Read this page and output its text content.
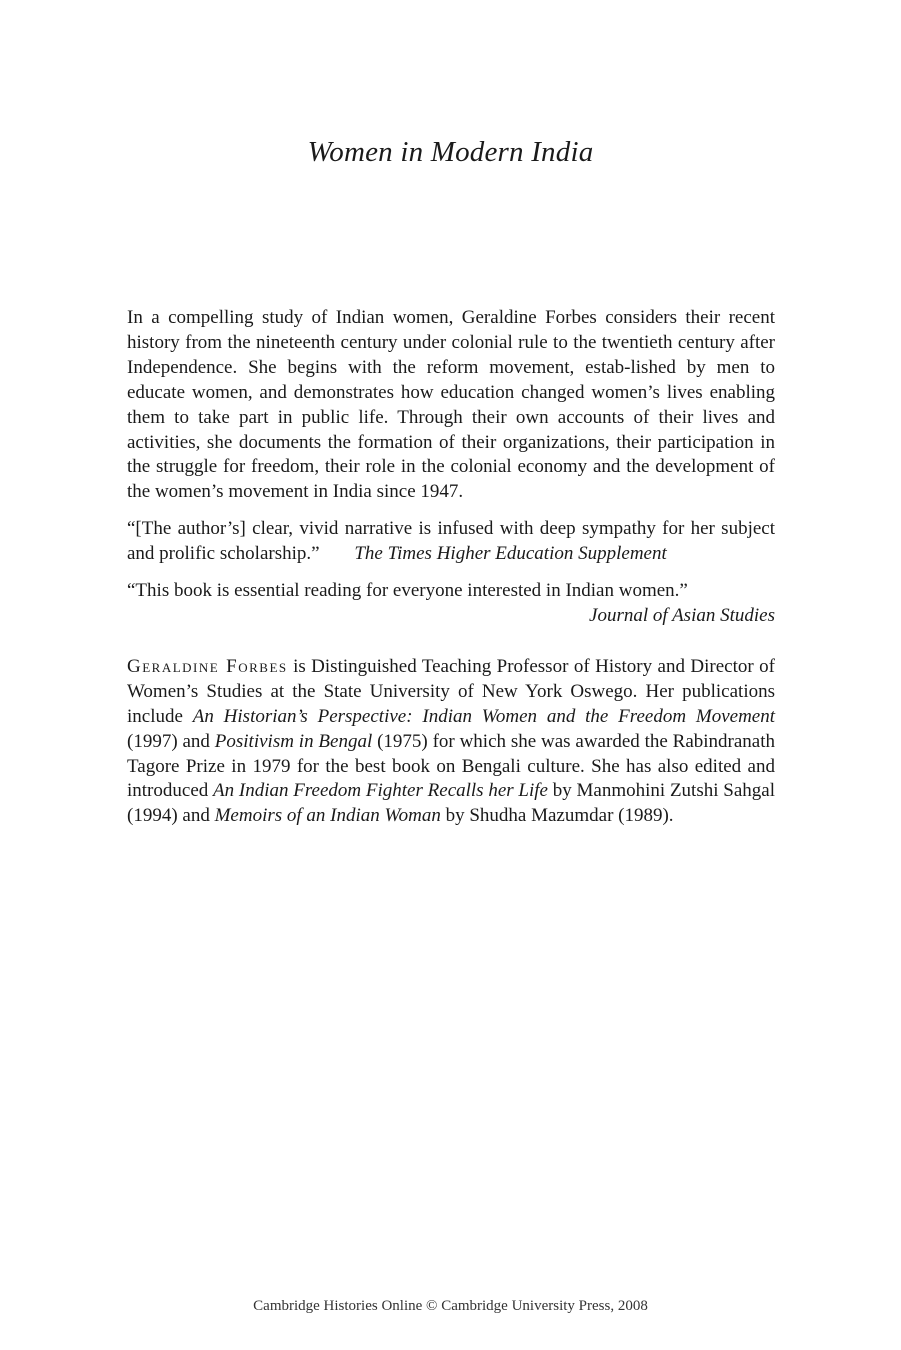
Women in Modern India

In a compelling study of Indian women, Geraldine Forbes considers their recent history from the nineteenth century under colonial rule to the twentieth century after Independence. She begins with the reform movement, estab-lished by men to educate women, and demonstrates how education changed women’s lives enabling them to take part in public life. Through their own accounts of their lives and activities, she documents the formation of their organizations, their participation in the struggle for freedom, their role in the colonial economy and the development of the women’s movement in India since 1947.

“[The author’s] clear, vivid narrative is infused with deep sympathy for her subject and prolific scholarship.” The Times Higher Education Supplement

“This book is essential reading for everyone interested in Indian women.”
Journal of Asian Studies

Geraldine Forbes is Distinguished Teaching Professor of History and Director of Women’s Studies at the State University of New York Oswego. Her publications include An Historian’s Perspective: Indian Women and the Freedom Movement (1997) and Positivism in Bengal (1975) for which she was awarded the Rabindranath Tagore Prize in 1979 for the best book on Bengali culture. She has also edited and introduced An Indian Freedom Fighter Recalls her Life by Manmohini Zutshi Sahgal (1994) and Memoirs of an Indian Woman by Shudha Mazumdar (1989).

Cambridge Histories Online © Cambridge University Press, 2008
